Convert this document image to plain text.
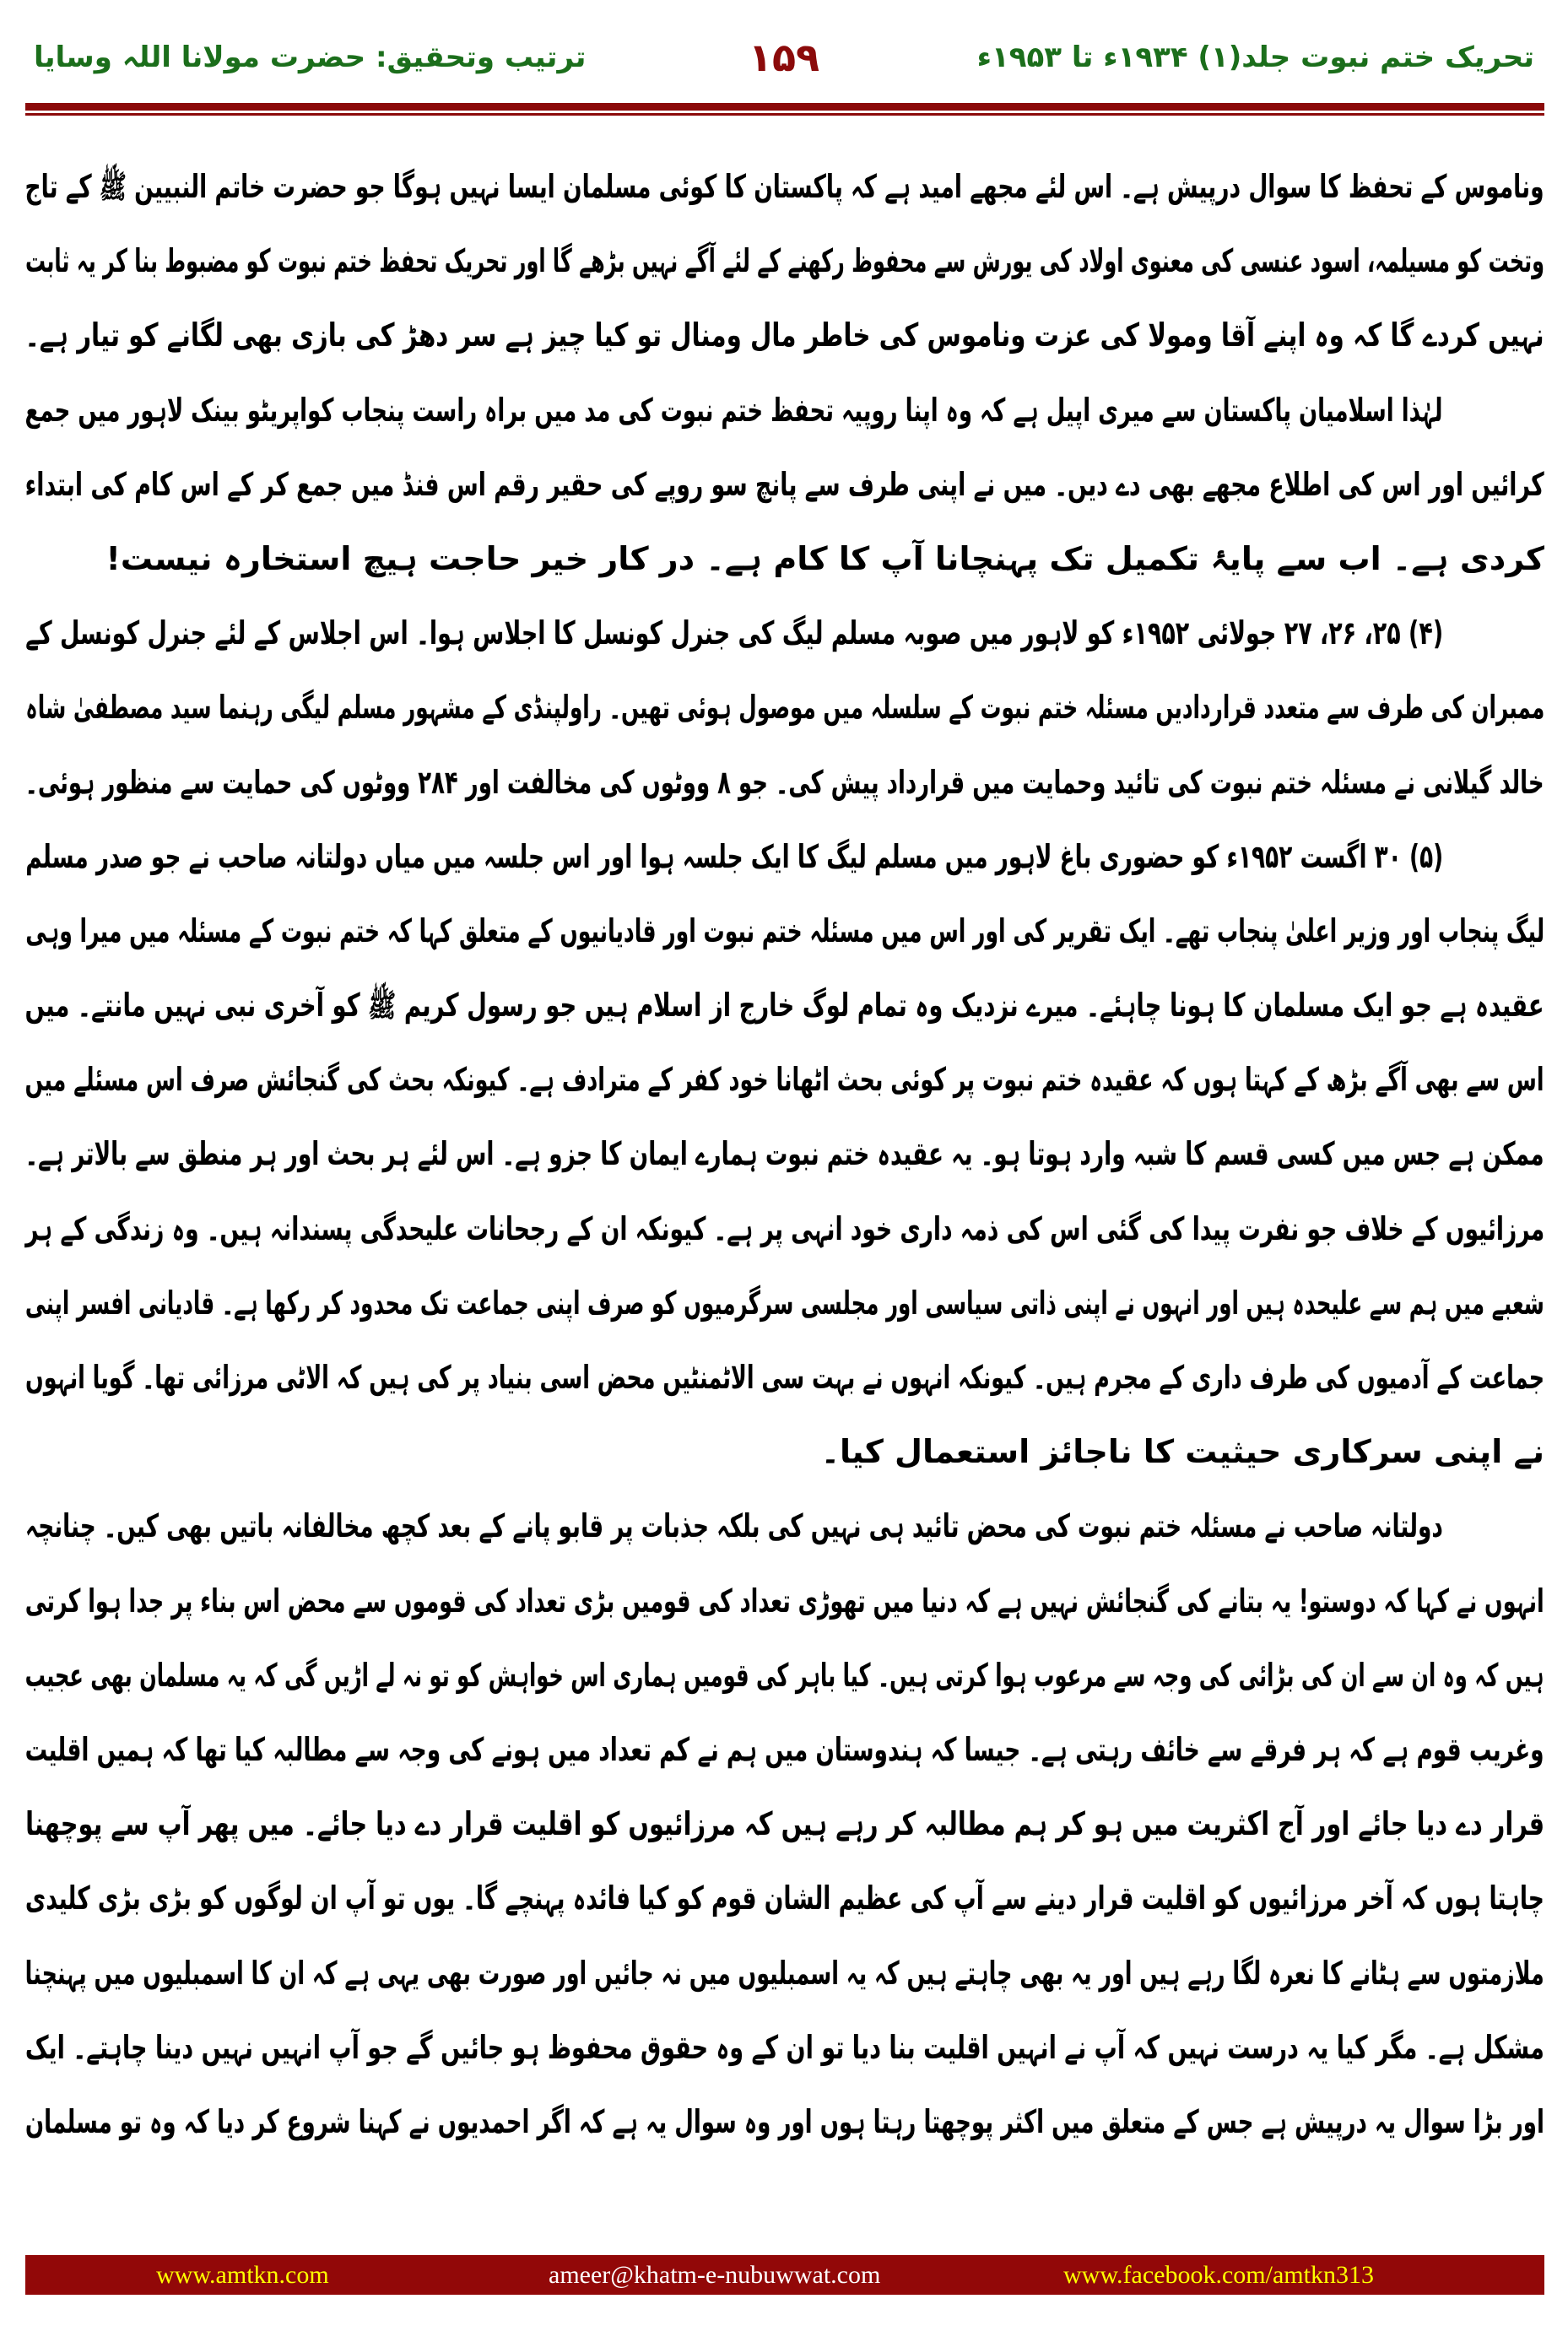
تحریک ختم نبوت جلد(۱) ۱۹۳۴ء تا ۱۹۵۳ء
۱۵۹
ترتیب وتحقیق: حضرت مولانا اللہ وسایا
وناموس کے تحفظ کا سوال درپیش ہے۔ اس لئے مجھے امید ہے کہ پاکستان کا کوئی مسلمان ایسا نہیں ہوگا جو حضرت خاتم النبیین ﷺ کے تاج
وتخت کو مسیلمہ، اسود عنسی کی معنوی اولاد کی یورش سے محفوظ رکھنے کے لئے آگے نہیں بڑھے گا اور تحریک تحفظ ختم نبوت کو مضبوط بنا کر یہ ثابت
نہیں کردے گا کہ وہ اپنے آقا ومولا کی عزت وناموس کی خاطر مال ومنال تو کیا چیز ہے سر دھڑ کی بازی بھی لگانے کو تیار ہے۔
لہٰذا اسلامیان پاکستان سے میری اپیل ہے کہ وہ اپنا روپیہ تحفظ ختم نبوت کی مد میں براہ راست پنجاب کواپریٹو بینک لاہور میں جمع
کرائیں اور اس کی اطلاع مجھے بھی دے دیں۔ میں نے اپنی طرف سے پانچ سو روپے کی حقیر رقم اس فنڈ میں جمع کر کے اس کام کی ابتداء
کردی ہے۔ اب سے پایۂ تکمیل تک پہنچانا آپ کا کام ہے۔ در کار خیر حاجت ہیچ استخارہ نیست!
(۴) ۲۵، ۲۶، ۲۷ جولائی ۱۹۵۲ء کو لاہور میں صوبہ مسلم لیگ کی جنرل کونسل کا اجلاس ہوا۔ اس اجلاس کے لئے جنرل کونسل کے
ممبران کی طرف سے متعدد قراردادیں مسئلہ ختم نبوت کے سلسلہ میں موصول ہوئی تھیں۔ راولپنڈی کے مشہور مسلم لیگی رہنما سید مصطفیٰ شاہ
خالد گیلانی نے مسئلہ ختم نبوت کی تائید وحمایت میں قرارداد پیش کی۔ جو ۸ ووٹوں کی مخالفت اور ۲۸۴ ووٹوں کی حمایت سے منظور ہوئی۔
(۵) ۳۰ اگست ۱۹۵۲ء کو حضوری باغ لاہور میں مسلم لیگ کا ایک جلسہ ہوا اور اس جلسہ میں میاں دولتانہ صاحب نے جو صدر مسلم
لیگ پنجاب اور وزیر اعلیٰ پنجاب تھے۔ ایک تقریر کی اور اس میں مسئلہ ختم نبوت اور قادیانیوں کے متعلق کہا کہ ختم نبوت کے مسئلہ میں میرا وہی
عقیدہ ہے جو ایک مسلمان کا ہونا چاہئے۔ میرے نزدیک وہ تمام لوگ خارج از اسلام ہیں جو رسول کریم ﷺ کو آخری نبی نہیں مانتے۔ میں
اس سے بھی آگے بڑھ کے کہتا ہوں کہ عقیدہ ختم نبوت پر کوئی بحث اٹھانا خود کفر کے مترادف ہے۔ کیونکہ بحث کی گنجائش صرف اس مسئلے میں
ممکن ہے جس میں کسی قسم کا شبہ وارد ہوتا ہو۔ یہ عقیدہ ختم نبوت ہمارے ایمان کا جزو ہے۔ اس لئے ہر بحث اور ہر منطق سے بالاتر ہے۔
مرزائیوں کے خلاف جو نفرت پیدا کی گئی اس کی ذمہ داری خود انہی پر ہے۔ کیونکہ ان کے رجحانات علیحدگی پسندانہ ہیں۔ وہ زندگی کے ہر
شعبے میں ہم سے علیحدہ ہیں اور انہوں نے اپنی ذاتی سیاسی اور مجلسی سرگرمیوں کو صرف اپنی جماعت تک محدود کر رکھا ہے۔ قادیانی افسر اپنی
جماعت کے آدمیوں کی طرف داری کے مجرم ہیں۔ کیونکہ انہوں نے بہت سی الاٹمنٹیں محض اسی بنیاد پر کی ہیں کہ الاٹی مرزائی تھا۔ گویا انہوں
نے اپنی سرکاری حیثیت کا ناجائز استعمال کیا۔
دولتانہ صاحب نے مسئلہ ختم نبوت کی محض تائید ہی نہیں کی بلکہ جذبات پر قابو پانے کے بعد کچھ مخالفانہ باتیں بھی کیں۔ چنانچہ
انہوں نے کہا کہ دوستو! یہ بتانے کی گنجائش نہیں ہے کہ دنیا میں تھوڑی تعداد کی قومیں بڑی تعداد کی قوموں سے محض اس بناء پر جدا ہوا کرتی
ہیں کہ وہ ان سے ان کی بڑائی کی وجہ سے مرعوب ہوا کرتی ہیں۔ کیا باہر کی قومیں ہماری اس خواہش کو تو نہ لے اڑیں گی کہ یہ مسلمان بھی عجیب
وغریب قوم ہے کہ ہر فرقے سے خائف رہتی ہے۔ جیسا کہ ہندوستان میں ہم نے کم تعداد میں ہونے کی وجہ سے مطالبہ کیا تھا کہ ہمیں اقلیت
قرار دے دیا جائے اور آج اکثریت میں ہو کر ہم مطالبہ کر رہے ہیں کہ مرزائیوں کو اقلیت قرار دے دیا جائے۔ میں پھر آپ سے پوچھنا
چاہتا ہوں کہ آخر مرزائیوں کو اقلیت قرار دینے سے آپ کی عظیم الشان قوم کو کیا فائدہ پہنچے گا۔ یوں تو آپ ان لوگوں کو بڑی بڑی کلیدی
ملازمتوں سے ہٹانے کا نعرہ لگا رہے ہیں اور یہ بھی چاہتے ہیں کہ یہ اسمبلیوں میں نہ جائیں اور صورت بھی یہی ہے کہ ان کا اسمبلیوں میں پہنچنا
مشکل ہے۔ مگر کیا یہ درست نہیں کہ آپ نے انہیں اقلیت بنا دیا تو ان کے وہ حقوق محفوظ ہو جائیں گے جو آپ انہیں نہیں دینا چاہتے۔ ایک
اور بڑا سوال یہ درپیش ہے جس کے متعلق میں اکثر پوچھتا رہتا ہوں اور وہ سوال یہ ہے کہ اگر احمدیوں نے کہنا شروع کر دیا کہ وہ تو مسلمان
www.amtkn.com	ameer@khatm-e-nubuwwat.com	www.facebook.com/amtkn313
